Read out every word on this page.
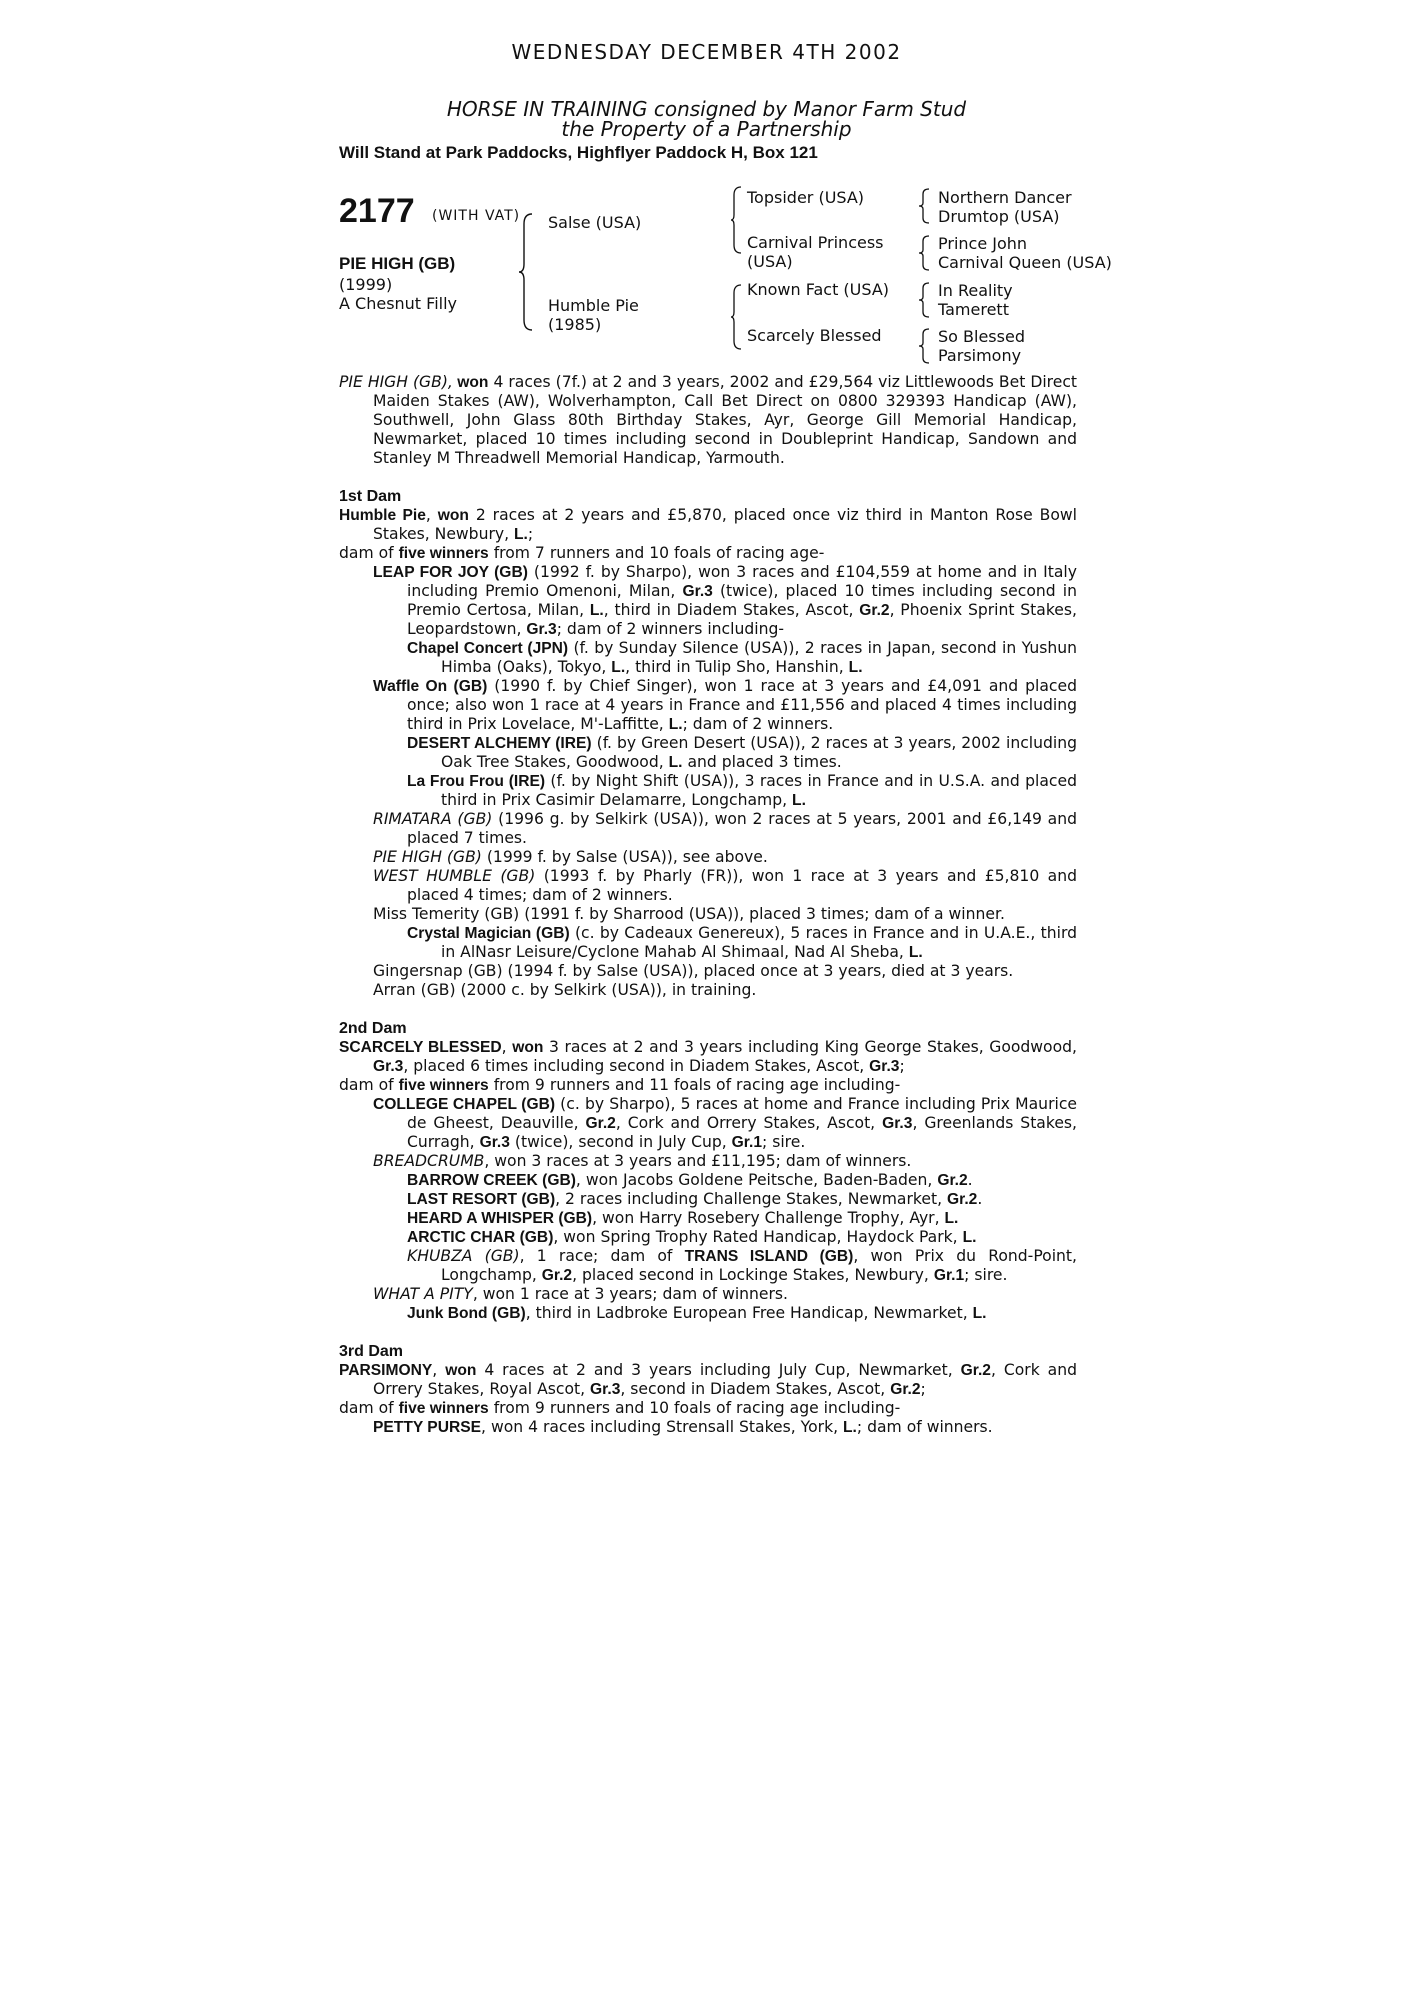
WEDNESDAY DECEMBER 4TH 2002
HORSE IN TRAINING consigned by Manor Farm Stud
the Property of a Partnership
Will Stand at Park Paddocks, Highflyer Paddock H, Box 121
2177 (WITH VAT)
PIE HIGH (GB)
(1999)
A Chesnut Filly
Salse (USA)
Humble Pie
(1985)
Topsider (USA)
Carnival Princess
(USA)
Known Fact (USA)
Scarcely Blessed
Northern Dancer
Drumtop (USA)
Prince John
Carnival Queen (USA)
In Reality
Tamerett
So Blessed
Parsimony
PIE HIGH (GB), won 4 races (7f.) at 2 and 3 years, 2002 and £29,564 viz Littlewoods Bet Direct Maiden Stakes (AW), Wolverhampton, Call Bet Direct on 0800 329393 Handicap (AW), Southwell, John Glass 80th Birthday Stakes, Ayr, George Gill Memorial Handicap, Newmarket, placed 10 times including second in Doubleprint Handicap, Sandown and Stanley M Threadwell Memorial Handicap, Yarmouth.
1st Dam
Humble Pie, won 2 races at 2 years and £5,870, placed once viz third in Manton Rose Bowl Stakes, Newbury, L.;
dam of five winners from 7 runners and 10 foals of racing age-
LEAP FOR JOY (GB) (1992 f. by Sharpo), won 3 races and £104,559 at home and in Italy including Premio Omenoni, Milan, Gr.3 (twice), placed 10 times including second in Premio Certosa, Milan, L., third in Diadem Stakes, Ascot, Gr.2, Phoenix Sprint Stakes, Leopardstown, Gr.3; dam of 2 winners including-
Chapel Concert (JPN) (f. by Sunday Silence (USA)), 2 races in Japan, second in Yushun Himba (Oaks), Tokyo, L., third in Tulip Sho, Hanshin, L.
Waffle On (GB) (1990 f. by Chief Singer), won 1 race at 3 years and £4,091 and placed once; also won 1 race at 4 years in France and £11,556 and placed 4 times including third in Prix Lovelace, M'-Laffitte, L.; dam of 2 winners.
DESERT ALCHEMY (IRE) (f. by Green Desert (USA)), 2 races at 3 years, 2002 including Oak Tree Stakes, Goodwood, L. and placed 3 times.
La Frou Frou (IRE) (f. by Night Shift (USA)), 3 races in France and in U.S.A. and placed third in Prix Casimir Delamarre, Longchamp, L.
RIMATARA (GB) (1996 g. by Selkirk (USA)), won 2 races at 5 years, 2001 and £6,149 and placed 7 times.
PIE HIGH (GB) (1999 f. by Salse (USA)), see above.
WEST HUMBLE (GB) (1993 f. by Pharly (FR)), won 1 race at 3 years and £5,810 and placed 4 times; dam of 2 winners.
Miss Temerity (GB) (1991 f. by Sharrood (USA)), placed 3 times; dam of a winner.
Crystal Magician (GB) (c. by Cadeaux Genereux), 5 races in France and in U.A.E., third in AlNasr Leisure/Cyclone Mahab Al Shimaal, Nad Al Sheba, L.
Gingersnap (GB) (1994 f. by Salse (USA)), placed once at 3 years, died at 3 years.
Arran (GB) (2000 c. by Selkirk (USA)), in training.
2nd Dam
SCARCELY BLESSED, won 3 races at 2 and 3 years including King George Stakes, Goodwood, Gr.3, placed 6 times including second in Diadem Stakes, Ascot, Gr.3;
dam of five winners from 9 runners and 11 foals of racing age including-
COLLEGE CHAPEL (GB) (c. by Sharpo), 5 races at home and France including Prix Maurice de Gheest, Deauville, Gr.2, Cork and Orrery Stakes, Ascot, Gr.3, Greenlands Stakes, Curragh, Gr.3 (twice), second in July Cup, Gr.1; sire.
BREADCRUMB, won 3 races at 3 years and £11,195; dam of winners.
BARROW CREEK (GB), won Jacobs Goldene Peitsche, Baden-Baden, Gr.2.
LAST RESORT (GB), 2 races including Challenge Stakes, Newmarket, Gr.2.
HEARD A WHISPER (GB), won Harry Rosebery Challenge Trophy, Ayr, L.
ARCTIC CHAR (GB), won Spring Trophy Rated Handicap, Haydock Park, L.
KHUBZA (GB), 1 race; dam of TRANS ISLAND (GB), won Prix du Rond-Point, Longchamp, Gr.2, placed second in Lockinge Stakes, Newbury, Gr.1; sire.
WHAT A PITY, won 1 race at 3 years; dam of winners.
Junk Bond (GB), third in Ladbroke European Free Handicap, Newmarket, L.
3rd Dam
PARSIMONY, won 4 races at 2 and 3 years including July Cup, Newmarket, Gr.2, Cork and Orrery Stakes, Royal Ascot, Gr.3, second in Diadem Stakes, Ascot, Gr.2;
dam of five winners from 9 runners and 10 foals of racing age including-
PETTY PURSE, won 4 races including Strensall Stakes, York, L.; dam of winners.
